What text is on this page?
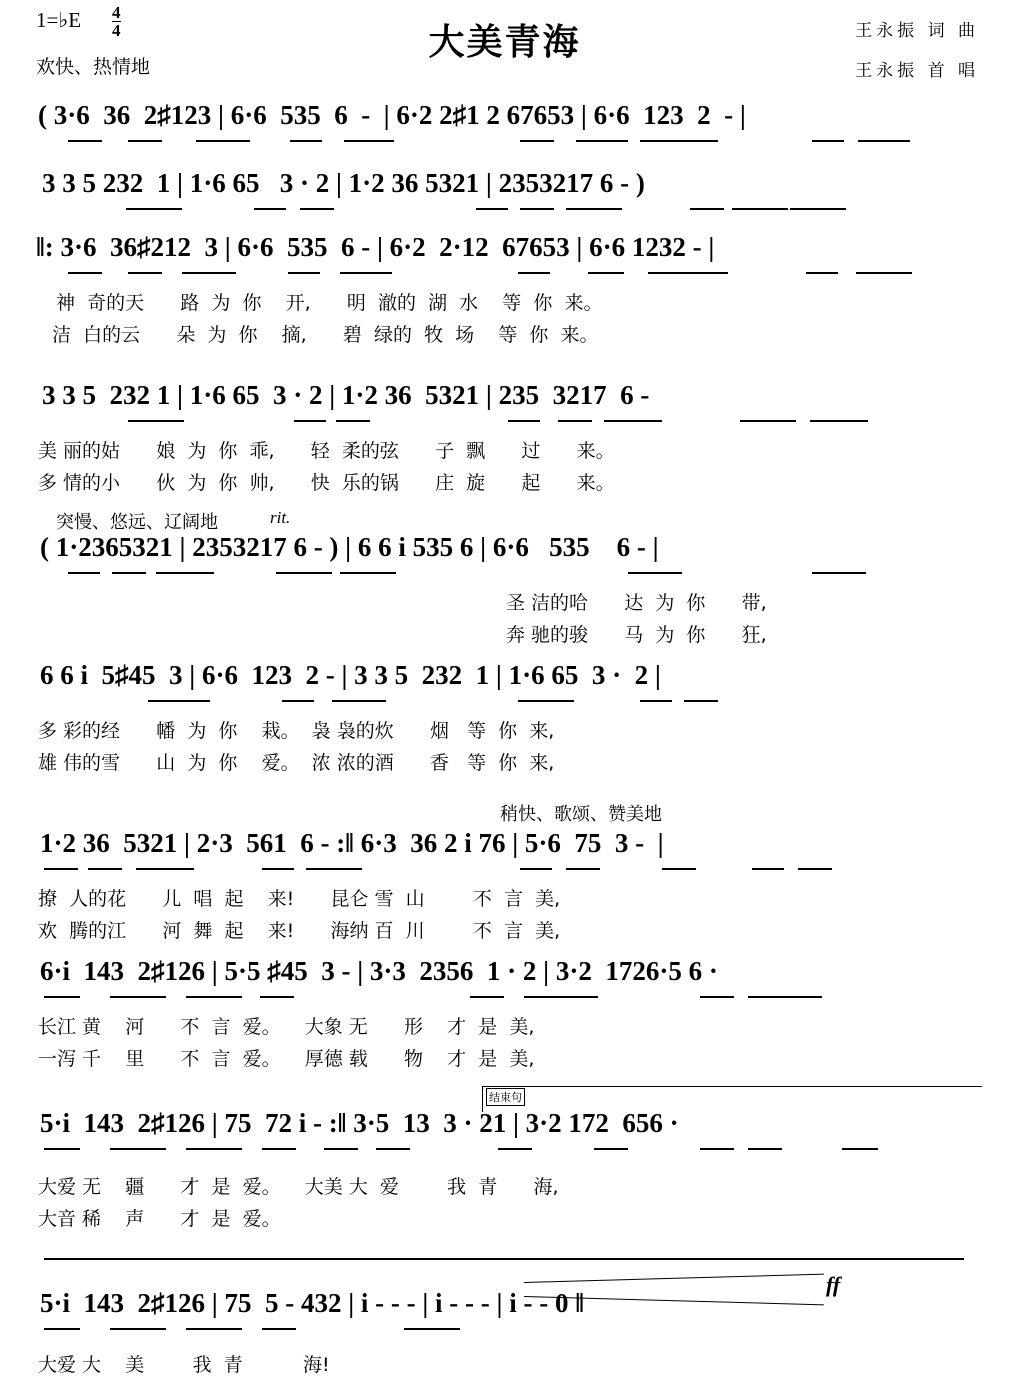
1=♭E $\frac{4}{4}$
欢快、热情地
大美青海	王永振 词 曲
王永振 首 唱
( 3·6  36  2♯123 | 6·6  535  6  -  | 6·2 2♯1 2 67653 | 6·6  123  2  - |
3 3 5 232  1 | 1·6 65   3 · 2 | 1·2 36 5321 | 2353217 6 - )
‖: 3·6  36♯212  3 | 6·6  535  6 - | 6·2  2·12  67653 | 6·6 1232 - |
神  奇的天      路  为  你    开,      明  澈的  湖  水    等  你  来。
洁  白的云      朵  为  你    摘,      碧  绿的  牧  场    等  你  来。
3 3 5  232 1 | 1·6 65  3 · 2 | 1·2 36  5321 | 235  3217  6 -
美 丽的姑      娘  为  你  乖,      轻  柔的弦      子  飘      过      来。
多 情的小      伙  为  你  帅,      快  乐的锅      庄  旋      起      来。
突慢、悠远、辽阔地	rit.
( 1·2365321 | 2353217 6 - ) | 6 6 i 535 6 | 6·6   535    6 - |
圣 洁的哈      达  为  你      带,
奔 驰的骏      马  为  你      狂,
6 6 i  5♯45  3 | 6·6  123  2 - | 3 3 5  232  1 | 1·6 65  3 ·  2 |
多 彩的经      幡  为  你    栽。  袅 袅的炊      烟   等  你  来,
雄 伟的雪      山  为  你    爱。  浓 浓的酒      香   等  你  来,
稍快、歌颂、赞美地
1·2 36  5321 | 2·3  561  6 - :‖ 6·3  36 2 i 76 | 5·6  75  3 -  |
撩  人的花      儿  唱  起    来!      昆仑 雪  山        不  言  美,
欢  腾的江      河  舞  起    来!      海纳 百  川        不  言  美,
6·i  143  2♯126 | 5·5 ♯45  3 - | 3·3  2356  1 · 2 | 3·2  1726·5 6 ·
长江 黄    河      不  言  爱。    大象 无      形    才  是  美,
一泻 千    里      不  言  爱。    厚德 载      物    才  是  美,
结束句
5·i  143  2♯126 | 75  72 i - :‖ 3·5  13  3 · 21 | 3·2 172  656 ·
大爱 无    疆      才  是  爱。    大美 大  爱        我  青      海,
大音 稀    声      才  是  爱。
ff
5·i  143  2♯126 | 75  5 - 432 | i - - - | i - - - | i - - 0 ‖
大爱 大    美        我  青          海!
